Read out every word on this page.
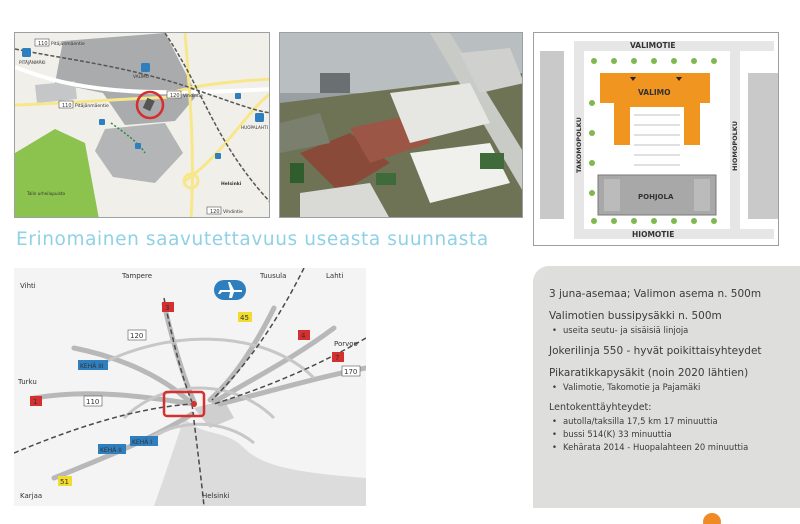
110
110
120
120
Pitäjänmäentie
Pitäjänmäentie
Vihdintie
Vihdintie
Helsinki
Talin urheilupuisto
PITÄJÄNMÄKI
VALIMO
HUOPALAHTI
VALIMOTIE
HIOMOTIE
TAKOMOPOLKU	HIOMOPOLKU
VALIMO
POHJOLA
Erinomainen saavutettavuus useasta suunnasta
3
45
120	4
7
170
1	110
51
KEHÄ III
KEHÄ I
KEHÄ II
Vihti
Tampere	Tuusula	Lahti
Porvoo
Turku
Karjaa	Helsinki
3 juna-asemaa; Valimon asema n. 500m
Valimotien bussipysäkki n. 500m
• useita seutu- ja sisäisiä linjoja
Jokerilinja 550 - hyvät poikittaisyhteydet
Pikaratikkapysäkit (noin 2020 lähtien)
• Valimotie, Takomotie ja Pajamäki
Lentokenttäyhteydet:
• autolla/taksilla 17,5 km 17 minuuttia
• bussi 514(K) 33 minuuttia
• Kehärata 2014 - Huopalahteen 20 minuuttia
